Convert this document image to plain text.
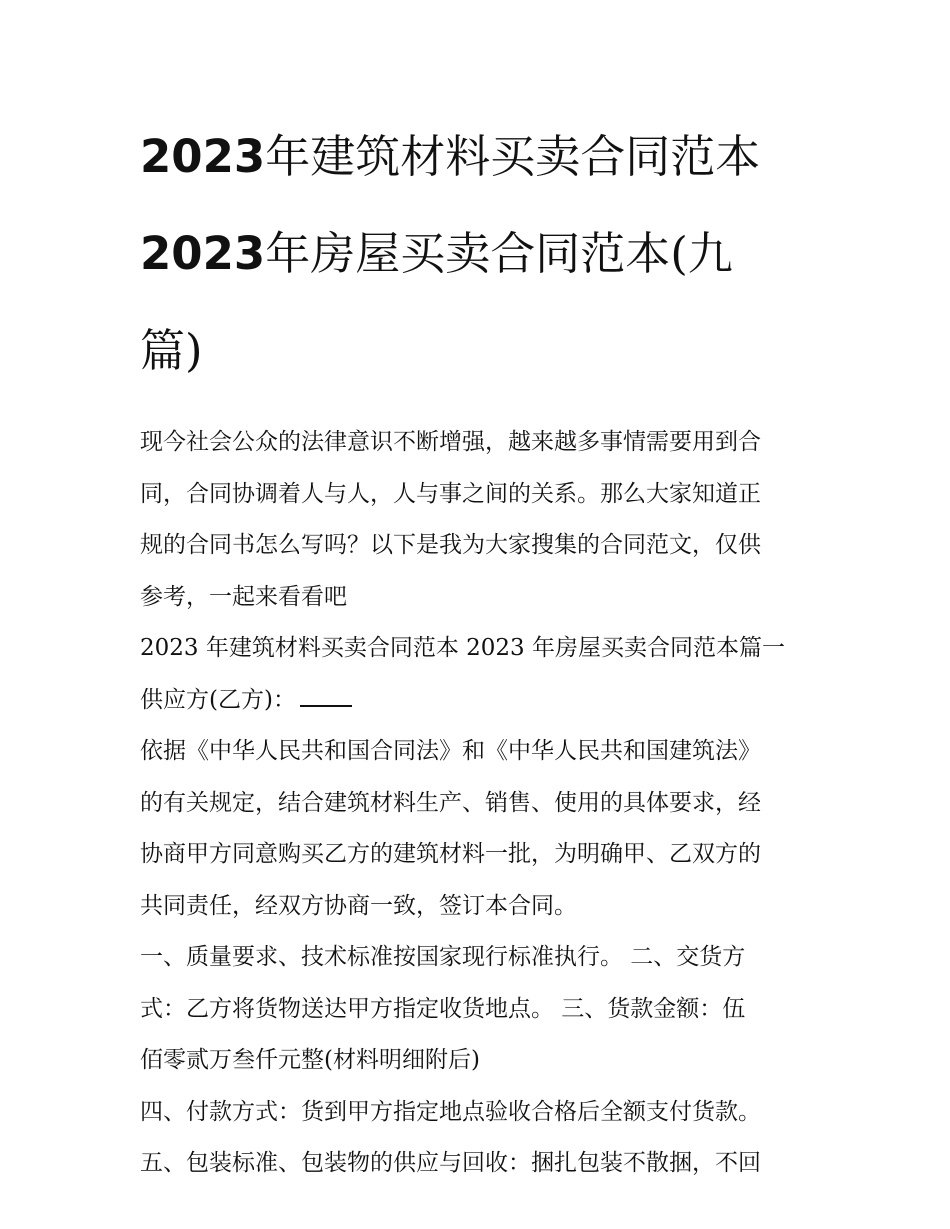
2023年建筑材料买卖合同范本
2023年房屋买卖合同范本(九
篇)
现今社会公众的法律意识不断增强，越来越多事情需要用到合
同，合同协调着人与人，人与事之间的关系。那么大家知道正
规的合同书怎么写吗？以下是我为大家搜集的合同范文，仅供
参考，一起来看看吧
2023 年建筑材料买卖合同范本 2023 年房屋买卖合同范本篇一
供应方(乙方)：
依据《中华人民共和国合同法》和《中华人民共和国建筑法》
的有关规定，结合建筑材料生产、销售、使用的具体要求，经
协商甲方同意购买乙方的建筑材料一批，为明确甲、乙双方的
共同责任，经双方协商一致，签订本合同。
一、质量要求、技术标准按国家现行标准执行。 二、交货方
式：乙方将货物送达甲方指定收货地点。 三、货款金额：伍
佰零贰万叁仟元整(材料明细附后)
四、付款方式：货到甲方指定地点验收合格后全额支付货款。
五、包装标准、包装物的供应与回收：捆扎包装不散捆，不回
